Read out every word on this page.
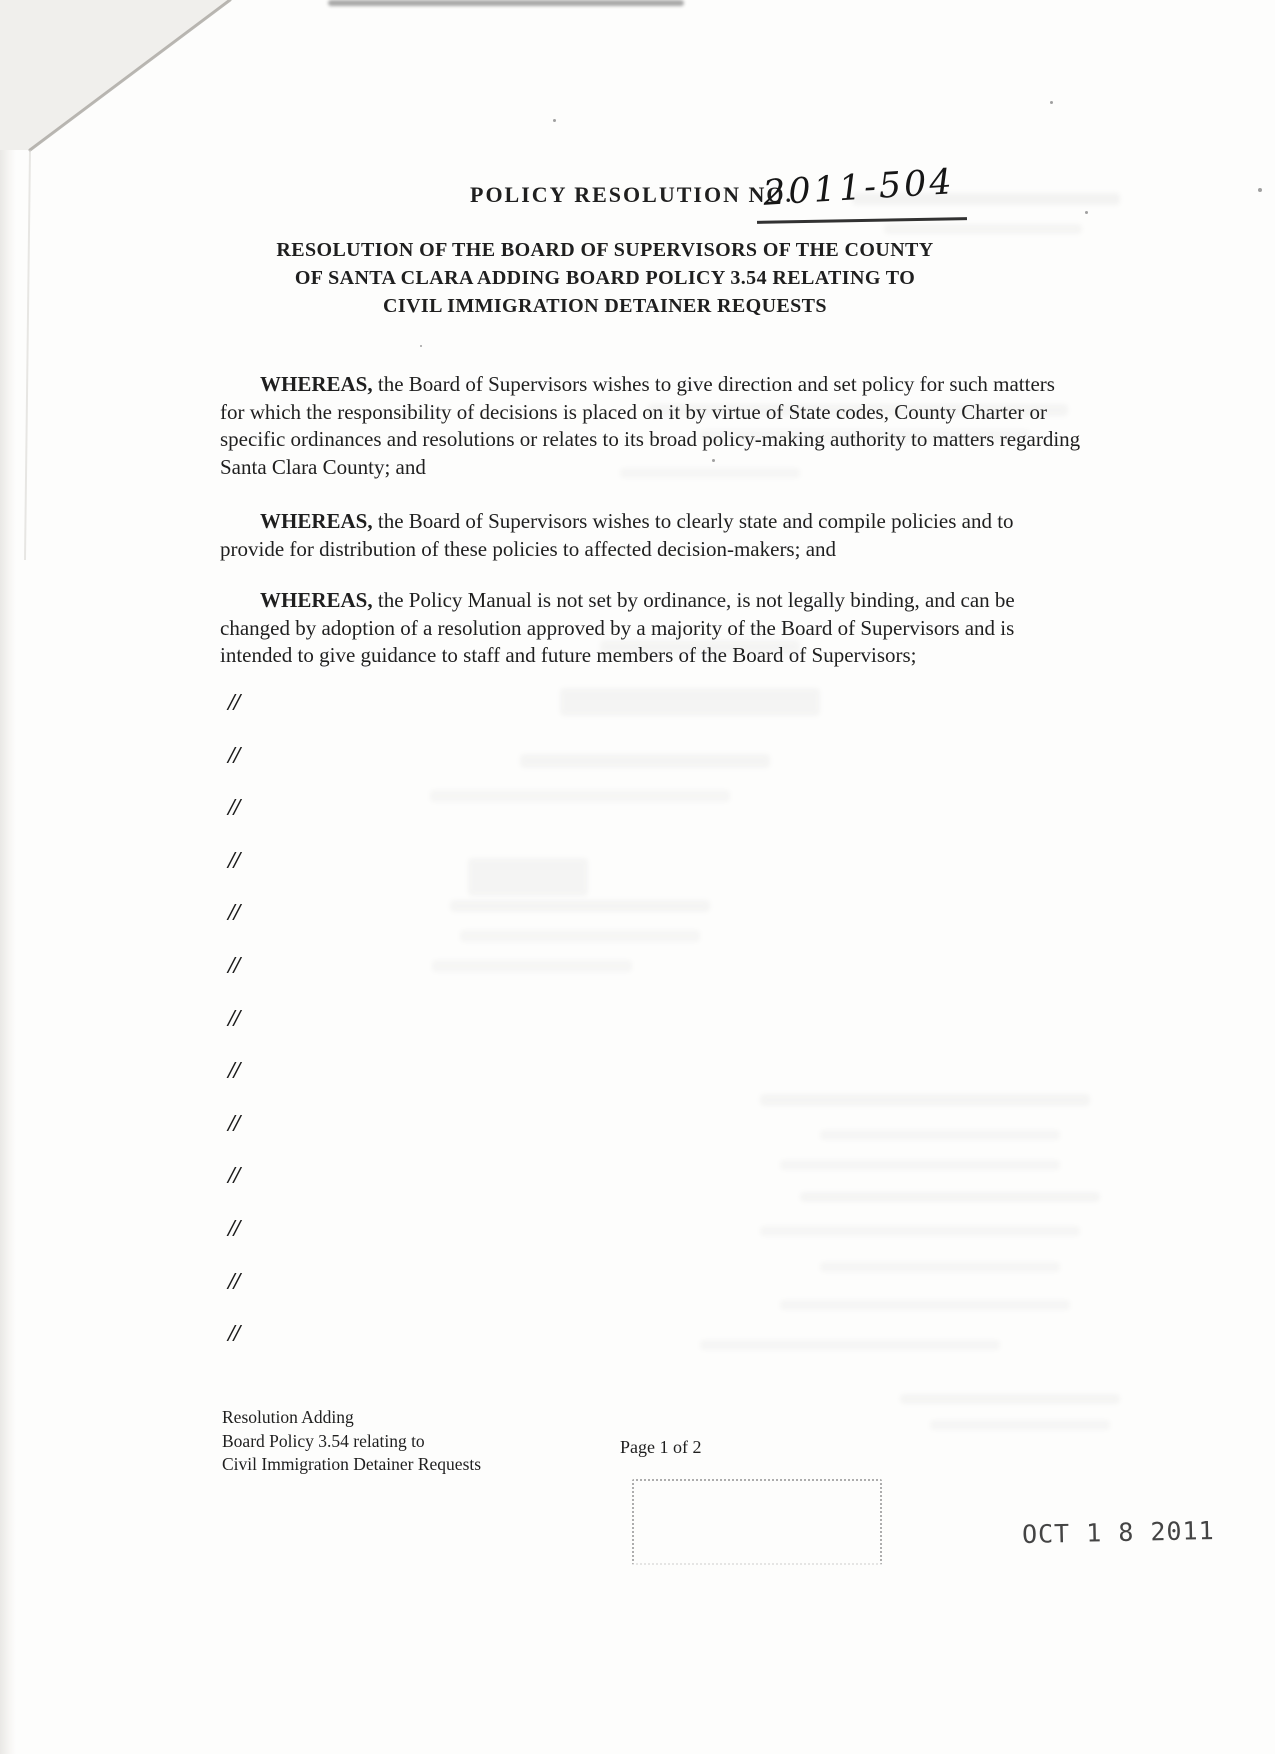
POLICY RESOLUTION NO.
2011-504
RESOLUTION OF THE BOARD OF SUPERVISORS OF THE COUNTY
OF SANTA CLARA ADDING BOARD POLICY 3.54 RELATING TO
CIVIL IMMIGRATION DETAINER REQUESTS

WHEREAS, the Board of Supervisors wishes to give direction and set policy for such matters for which the responsibility of decisions is placed on it by virtue of State codes, County Charter or specific ordinances and resolutions or relates to its broad policy-making authority to matters regarding Santa Clara County; and

WHEREAS, the Board of Supervisors wishes to clearly state and compile policies and to provide for distribution of these policies to affected decision-makers; and

WHEREAS, the Policy Manual is not set by ordinance, is not legally binding, and can be changed by adoption of a resolution approved by a majority of the Board of Supervisors and is intended to give guidance to staff and future members of the Board of Supervisors;

//
//
//
//
//
//
//
//
//
//
//
//
//
Resolution Adding
Board Policy 3.54 relating to
Civil Immigration Detainer Requests
Page 1 of 2
OCT 1 8 2011
